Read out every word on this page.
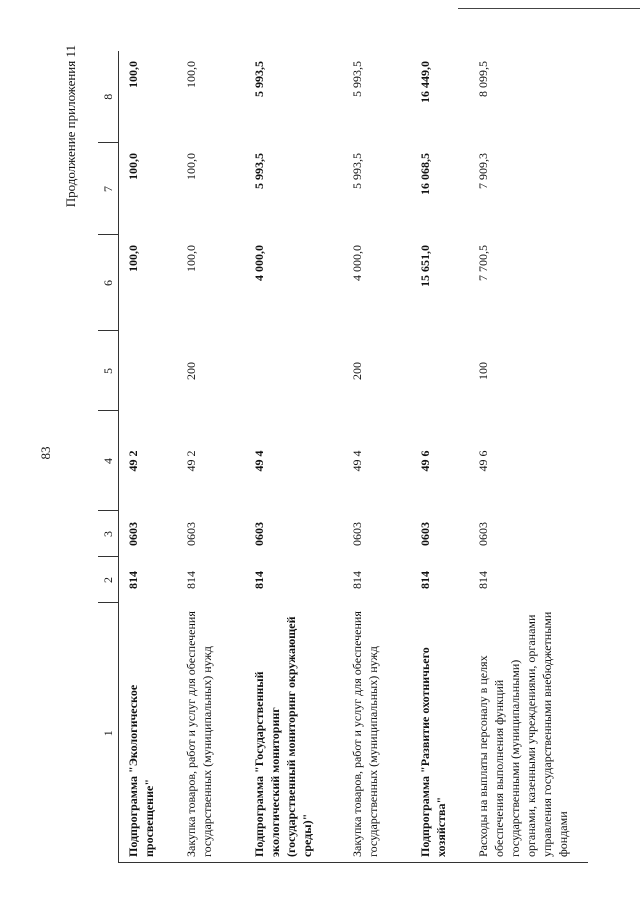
83
Продолжение приложения 11
1	2	3	4	5	6	7	8
Подпрограмма "Экологическое просвещение"	814	0603	49 2		100,0	100,0	100,0
Закупка товаров, работ и услуг для обеспечения государственных (муниципальных) нужд	814	0603	49 2	200	100,0	100,0	100,0
Подпрограмма "Государственный экологический мониторинг (государственный мониторинг окружающей среды)"	814	0603	49 4		4 000,0	5 993,5	5 993,5
Закупка товаров, работ и услуг для обеспечения государственных (муниципальных) нужд	814	0603	49 4	200	4 000,0	5 993,5	5 993,5
Подпрограмма "Развитие охотничьего хозяйства"	814	0603	49 6		15 651,0	16 068,5	16 449,0
Расходы на выплаты персоналу в целях обеспечения выполнения функций государственными (муниципальными) органами, казенными учреждениями, органами управления государственными внебюджетными фондами	814	0603	49 6	100	7 700,5	7 909,3	8 099,5
